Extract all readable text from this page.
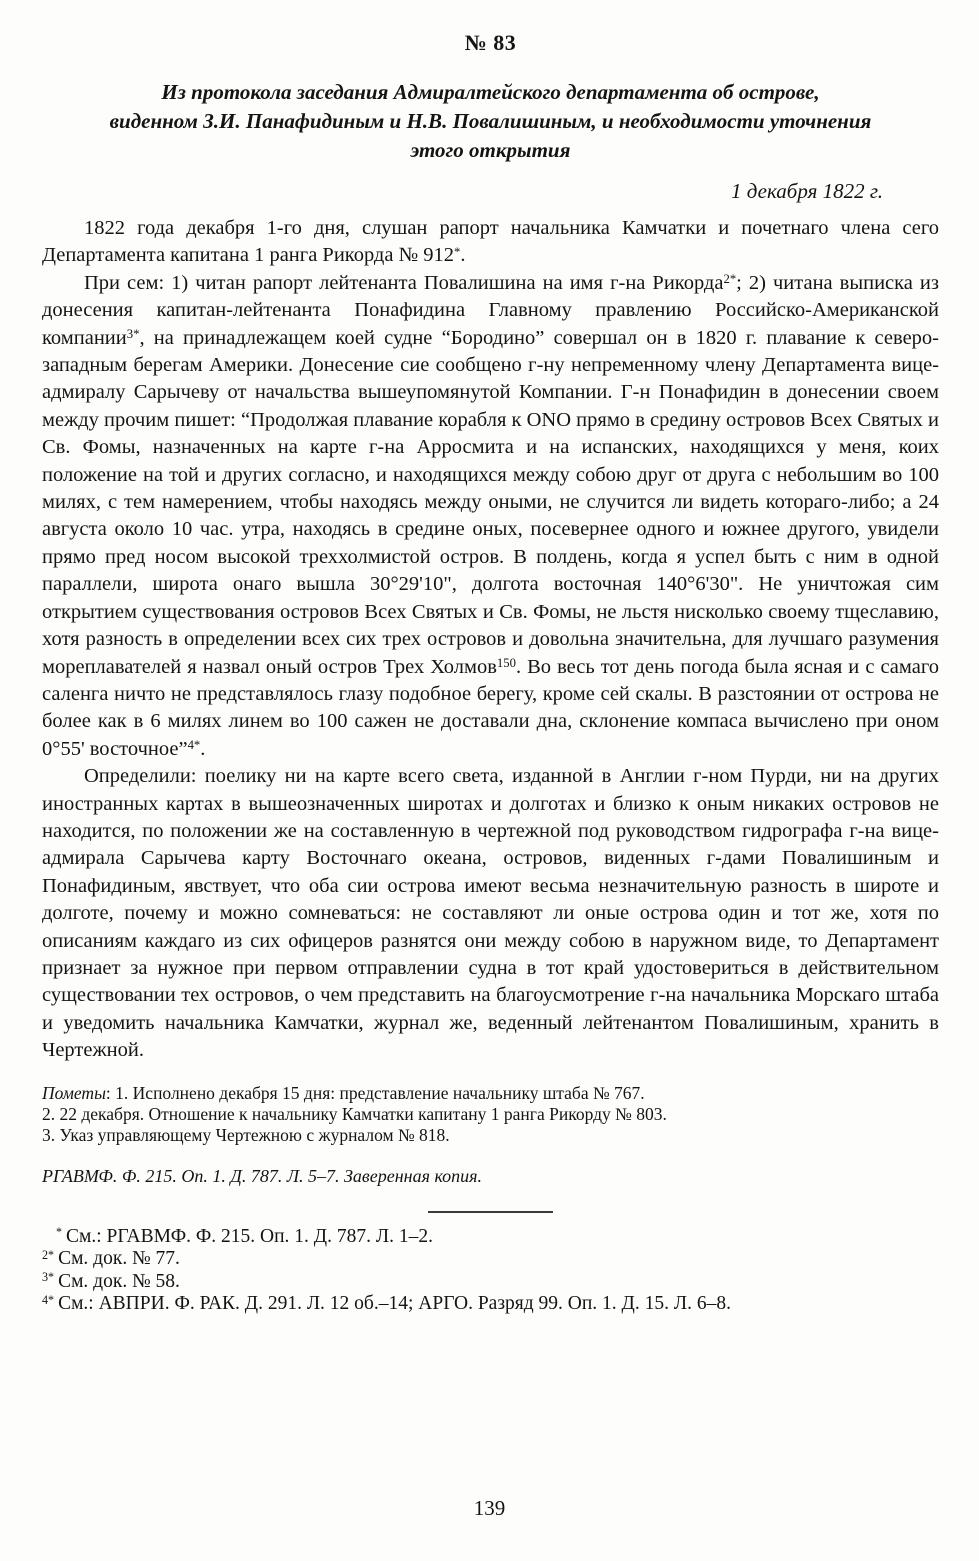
№ 83
Из протокола заседания Адмиралтейского департамента об острове,
виденном З.И. Панафидиным и Н.В. Повалишиным, и необходимости уточнения
этого открытия
1 декабря 1822 г.

1822 года декабря 1-го дня, слушан рапорт начальника Камчатки и почетнаго члена сего Департамента капитана 1 ранга Рикорда № 912*.

При сем: 1) читан рапорт лейтенанта Повалишина на имя г-на Рикорда$^{2*}$; 2) читана выписка из донесения капитан-лейтенанта Понафидина Главному правлению Российско-Американской компании$^{3*}$, на принадлежащем коей судне “Бородино” совершал он в 1820 г. плавание к северо-западным берегам Америки. Донесение сие сообщено г-ну непременному члену Департамента вице-адмиралу Сарычеву от начальства вышеупомянутой Компании. Г-н Понафидин в донесении своем между прочим пишет: “Продолжая плавание корабля к ONO прямо в средину островов Всех Святых и Св. Фомы, назначенных на карте г-на Арросмита и на испанских, находящихся у меня, коих положение на той и других согласно, и находящихся между собою друг от друга с небольшим во 100 милях, с тем намерением, чтобы находясь между оными, не случится ли видеть котораго-либо; а 24 августа около 10 час. утра, находясь в средине оных, посевернее одного и южнее другого, увидели прямо пред носом высокой треххолмистой остров. В полдень, когда я успел быть с ним в одной параллели, широта онаго вышла 30°29'10", долгота восточная 140°6'30". Не уничтожая сим открытием существования островов Всех Святых и Св. Фомы, не льстя нисколько своему тщеславию, хотя разность в определении всех сих трех островов и довольна значительна, для лучшаго разумения мореплавателей я назвал оный остров Трех Холмов$^{150}$. Во весь тот день погода была ясная и с самаго саленга ничто не представлялось глазу подобное берегу, кроме сей скалы. В разстоянии от острова не более как в 6 милях линем во 100 сажен не доставали дна, склонение компаса вычислено при оном 0°55' восточное”$^{4*}$.

Определили: поелику ни на карте всего света, изданной в Англии г-ном Пурди, ни на других иностранных картах в вышеозначенных широтах и долготах и близко к оным никаких островов не находится, по положении же на составленную в чертежной под руководством гидрографа г-на вице-адмирала Сарычева карту Восточнаго океана, островов, виденных г-дами Повалишиным и Понафидиным, явствует, что оба сии острова имеют весьма незначительную разность в широте и долготе, почему и можно сомневаться: не составляют ли оные острова один и тот же, хотя по описаниям каждаго из сих офицеров разнятся они между собою в наружном виде, то Департамент признает за нужное при первом отправлении судна в тот край удостовериться в действительном существовании тех островов, о чем представить на благоусмотрение г-на начальника Морскаго штаба и уведомить начальника Камчатки, журнал же, веденный лейтенантом Повалишиным, хранить в Чертежной.

Пометы: 1. Исполнено декабря 15 дня: представление начальнику штаба № 767.
2. 22 декабря. Отношение к начальнику Камчатки капитану 1 ранга Рикорду № 803.
3. Указ управляющему Чертежною с журналом № 818.
РГАВМФ. Ф. 215. Оп. 1. Д. 787. Л. 5–7. Заверенная копия.
* См.: РГАВМФ. Ф. 215. Оп. 1. Д. 787. Л. 1–2.
$^{2*}$ См. док. № 77.
$^{3*}$ См. док. № 58.
$^{4*}$ См.: АВПРИ. Ф. РАК. Д. 291. Л. 12 об.–14; АРГО. Разряд 99. Оп. 1. Д. 15. Л. 6–8.
139
